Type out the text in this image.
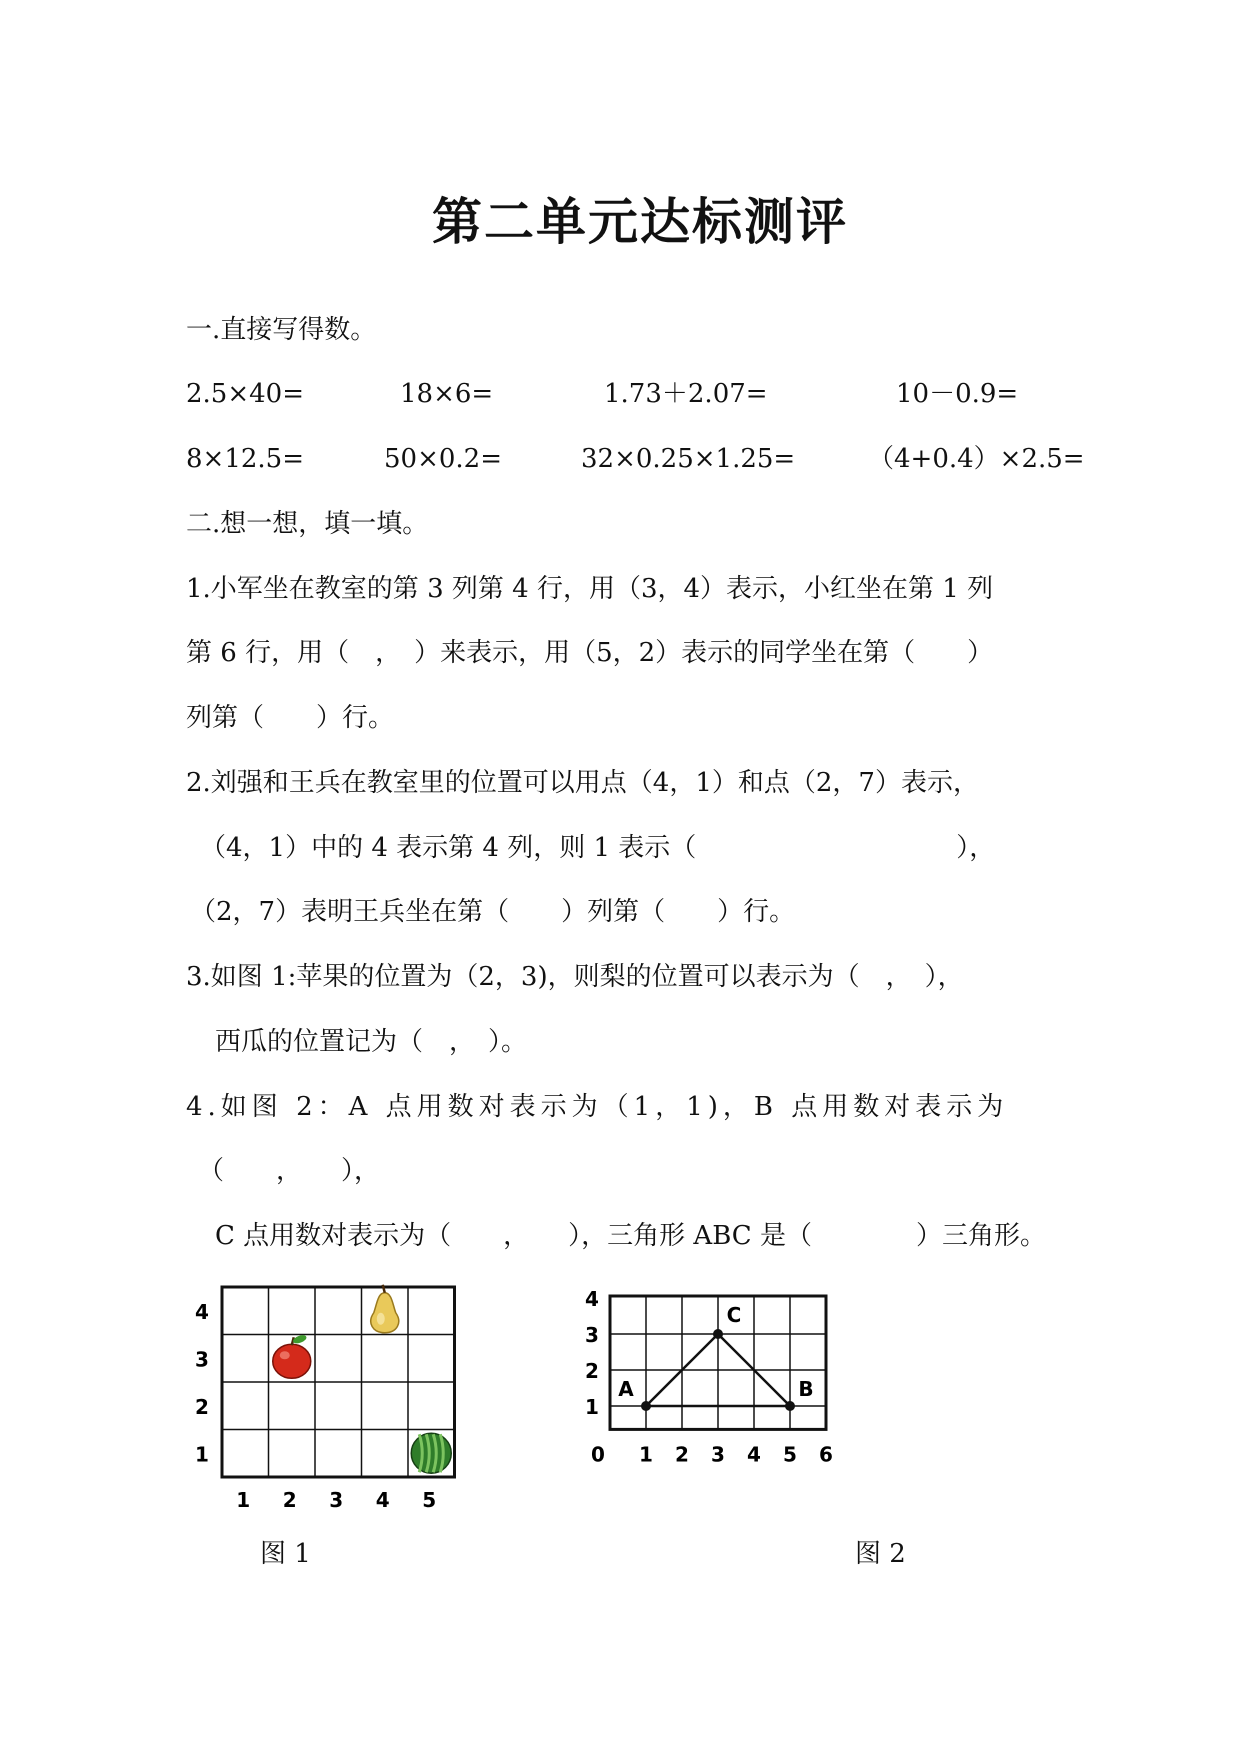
第二单元达标测评
一.直接写得数。
2.5×40=	18×6=	1.73＋2.07=	10－0.9=
8×12.5=	50×0.2=	32×0.25×1.25=	（4+0.4）×2.5=
二.想一想，填一填。
1.小军坐在教室的第 3 列第 4 行，用（3，4）表示，小红坐在第 1 列
第 6 行，用（　，　）来表示，用（5，2）表示的同学坐在第（　　）
列第（　　）行。
2.刘强和王兵在教室里的位置可以用点（4，1）和点（2，7）表示，
（4，1）中的 4 表示第 4 列，则 1 表示（　　　　　　　　　　），
（2，7）表明王兵坐在第（　　）列第（　　）行。
3.如图 1:苹果的位置为（2，3)，则梨的位置可以表示为（　，　），
西瓜的位置记为（　，　）。
4.如图 2：A 点用数对表示为（1，1)，B 点用数对表示为
（　　，　　），
C 点用数对表示为（　　，　　），三角形 ABC 是（　　　　）三角形。
1 2 3 4 5
4
3
2
1
图 1
0 1 2 3 4 5 6
1
2
3
4
A	B
C
图 2
